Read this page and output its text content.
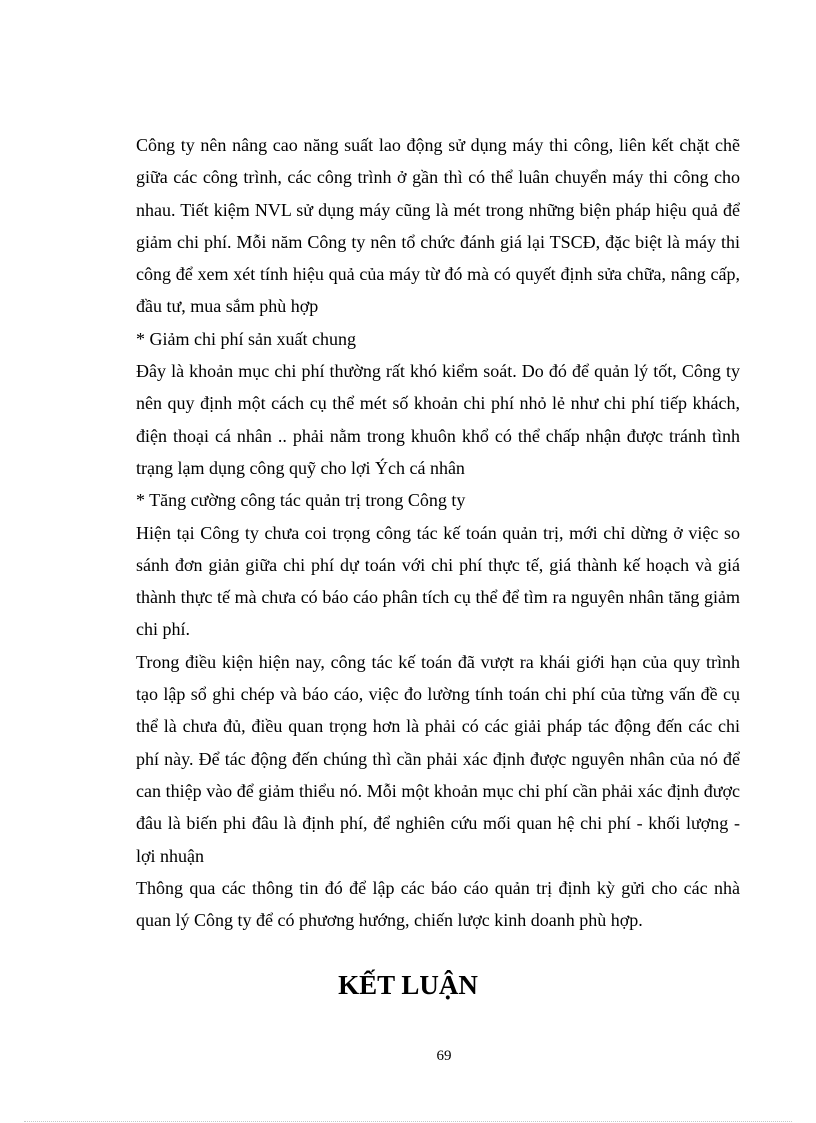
Công ty nên nâng cao năng suất lao động sử dụng máy thi công, liên kết chặt chẽ giữa các công trình, các công trình ở gần thì có thể luân chuyển máy thi công cho nhau. Tiết kiệm NVL sử dụng máy cũng là mét trong những biện pháp hiệu quả để giảm chi phí. Mỗi năm Công ty nên tổ chức đánh giá lại TSCĐ, đặc biệt là máy thi công để xem xét tính hiệu quả của máy từ đó mà có quyết định sửa chữa, nâng cấp, đầu tư, mua sắm phù hợp

* Giảm chi phí sản xuất chung

Đây là khoản mục chi phí thường rất khó kiểm soát. Do đó để quản lý tốt, Công ty nên quy định một cách cụ thể mét số khoản chi phí nhỏ lẻ như chi phí tiếp khách, điện thoại cá nhân .. phải nằm trong khuôn khổ có thể chấp nhận được tránh tình trạng lạm dụng công quỹ cho lợi Ých cá nhân

* Tăng cường công tác quản trị trong Công ty

Hiện tại Công ty chưa coi trọng công tác kế toán quản trị, mới chỉ dừng ở việc so sánh đơn giản giữa chi phí dự toán với chi phí thực tế, giá thành kế hoạch và giá thành thực tế mà chưa có báo cáo phân tích cụ thể để tìm ra nguyên nhân tăng giảm chi phí.

Trong điều kiện hiện nay, công tác kế toán đã vượt ra khái giới hạn của quy trình tạo lập sổ ghi chép và báo cáo, việc đo lường tính toán chi phí của từng vấn đề cụ thể là chưa đủ, điều quan trọng hơn là phải có các giải pháp tác động đến các chi phí này. Để tác động đến chúng thì cần phải xác định được nguyên nhân của nó để can thiệp vào để giảm thiểu nó. Mỗi một khoản mục chi phí cần phải xác định được đâu là biến phi đâu là định phí, để nghiên cứu mối quan hệ chi phí - khối lượng - lợi nhuận

Thông qua các thông tin đó để lập các báo cáo quản trị định kỳ gửi cho các nhà quan lý Công ty để có phương hướng, chiến lược kinh doanh phù hợp.

KẾT LUẬN
69
